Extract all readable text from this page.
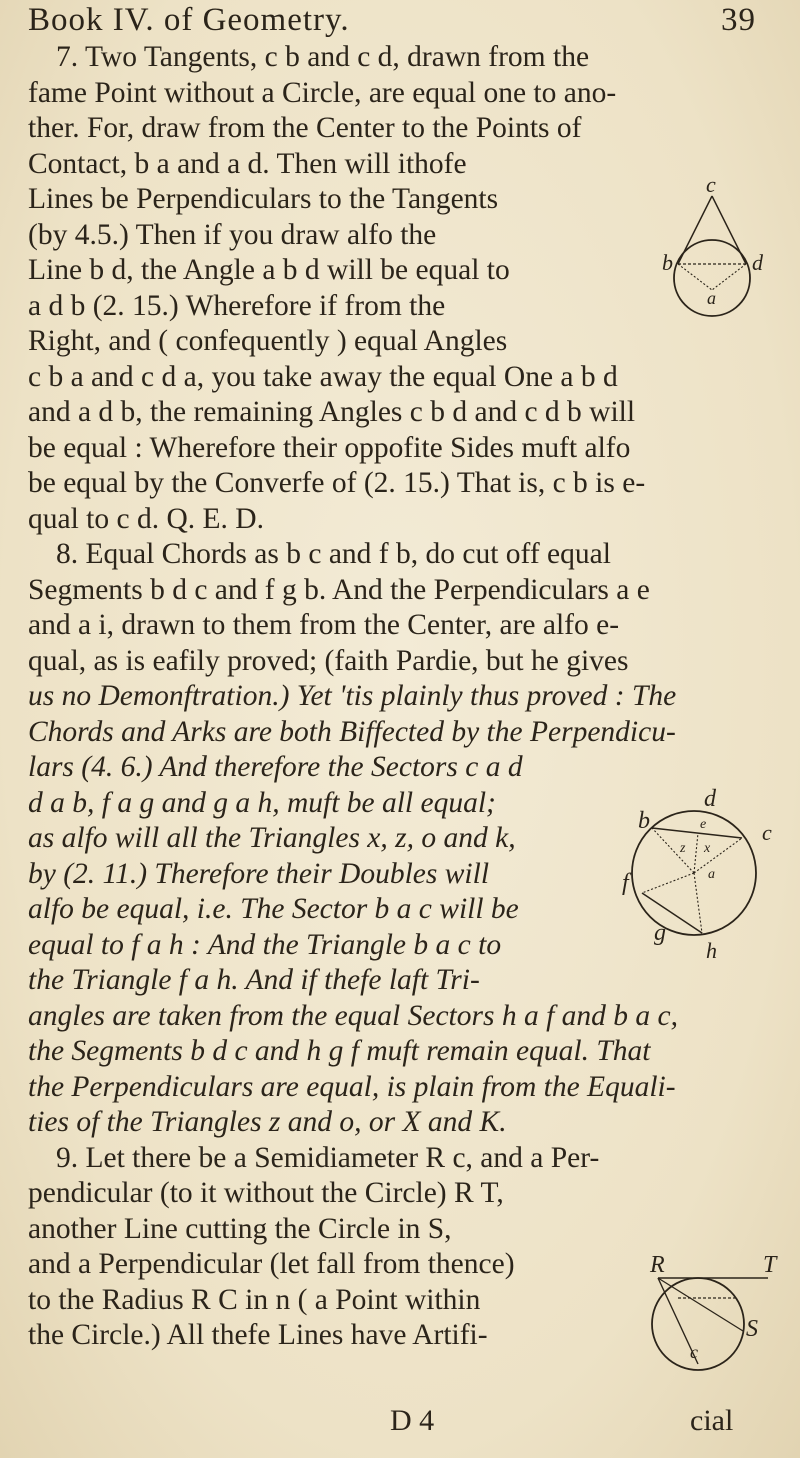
Book IV. of Geometry.	39
7. Two Tangents, c b and c d, drawn from the
fame Point without a Circle, are equal one to ano-
ther. For, draw from the Center to the Points of
Contact, b a and a d. Then will ithofe
Lines be Perpendiculars to the Tangents
(by 4.5.) Then if you draw alfo the
Line b d, the Angle a b d will be equal to
a d b (2. 15.) Wherefore if from the
Right, and ( confequently ) equal Angles
c b a and c d a, you take away the equal One a b d
and a d b, the remaining Angles c b d and c d b will
be equal : Wherefore their oppofite Sides muft alfo
be equal by the Converfe of (2. 15.) That is, c b is e-
qual to c d. Q. E. D.
8. Equal Chords as b c and f b, do cut off equal
Segments b d c and f g b. And the Perpendiculars a e
and a i, drawn to them from the Center, are alfo e-
qual, as is eafily proved; (faith Pardie, but he gives
us no Demonftration.) Yet 'tis plainly thus proved : The
Chords and Arks are both Biffected by the Perpendicu-
lars (4. 6.) And therefore the Sectors c a d
d a b, f a g and g a h, muft be all equal;
as alfo will all the Triangles x, z, o and k,
by (2. 11.) Therefore their Doubles will
alfo be equal, i.e. The Sector b a c will be
equal to f a h : And the Triangle b a c to
the Triangle f a h. And if thefe laft Tri-
angles are taken from the equal Sectors h a f and b a c,
the Segments b d c and h g f muft remain equal. That
the Perpendiculars are equal, is plain from the Equali-
ties of the Triangles z and o, or X and K.
9. Let there be a Semidiameter R c, and a Per-
pendicular (to it without the Circle) R T,
another Line cutting the Circle in S,
and a Perpendicular (let fall from thence)
to the Radius R C in n ( a Point within
the Circle.) All thefe Lines have Artifi-
c
b	d
a
d
b	c
e
z x
a
f
g
h
R	T
S
c
D 4	cial
